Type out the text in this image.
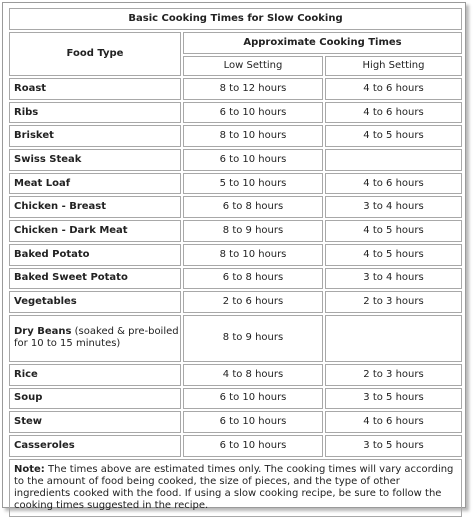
Basic Cooking Times for Slow Cooking		
Food Type	Approximate Cooking Times	
	Low Setting	High Setting
Roast	8 to 12 hours	4 to 6 hours
Ribs	6 to 10 hours	4 to 6 hours
Brisket	8 to 10 hours	4 to 5 hours
Swiss Steak	6 to 10 hours	
Meat Loaf	5 to 10 hours	4 to 6 hours
Chicken - Breast	6 to 8 hours	3 to 4 hours
Chicken - Dark Meat	8 to 9 hours	4 to 5 hours
Baked Potato	8 to 10 hours	4 to 5 hours
Baked Sweet Potato	6 to 8 hours	3 to 4 hours
Vegetables	2 to 6 hours	2 to 3 hours
Dry Beans (soaked & pre-boiled for 10 to 15 minutes)	8 to 9 hours	
Rice	4 to 8 hours	2 to 3 hours
Soup	6 to 10 hours	3 to 5 hours
Stew	6 to 10 hours	4 to 6 hours
Casseroles	6 to 10 hours	3 to 5 hours
Note: The times above are estimated times only. The cooking times will vary according to the amount of food being cooked, the size of pieces, and the type of other ingredients cooked with the food. If using a slow cooking recipe, be sure to follow the cooking times suggested in the recipe.		
